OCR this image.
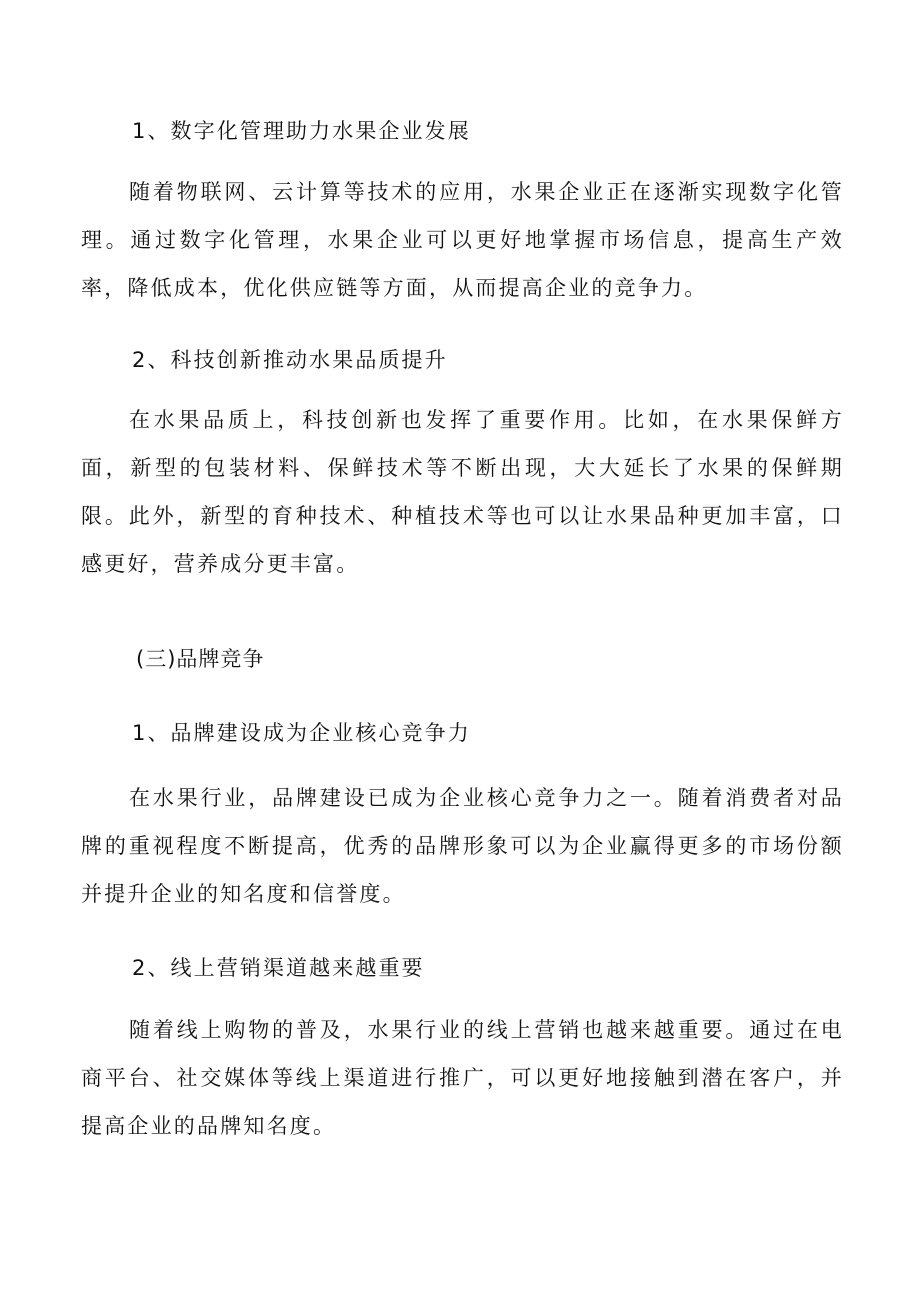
1、数字化管理助力水果企业发展
随着物联网、云计算等技术的应用，水果企业正在逐渐实现数字化管理。通过数字化管理，水果企业可以更好地掌握市场信息，提高生产效率，降低成本，优化供应链等方面，从而提高企业的竞争力。
2、科技创新推动水果品质提升
在水果品质上，科技创新也发挥了重要作用。比如，在水果保鲜方面，新型的包装材料、保鲜技术等不断出现，大大延长了水果的保鲜期限。此外，新型的育种技术、种植技术等也可以让水果品种更加丰富，口感更好，营养成分更丰富。
(三)品牌竞争
1、品牌建设成为企业核心竞争力
在水果行业，品牌建设已成为企业核心竞争力之一。随着消费者对品牌的重视程度不断提高，优秀的品牌形象可以为企业赢得更多的市场份额并提升企业的知名度和信誉度。
2、线上营销渠道越来越重要
随着线上购物的普及，水果行业的线上营销也越来越重要。通过在电商平台、社交媒体等线上渠道进行推广，可以更好地接触到潜在客户，并提高企业的品牌知名度。
